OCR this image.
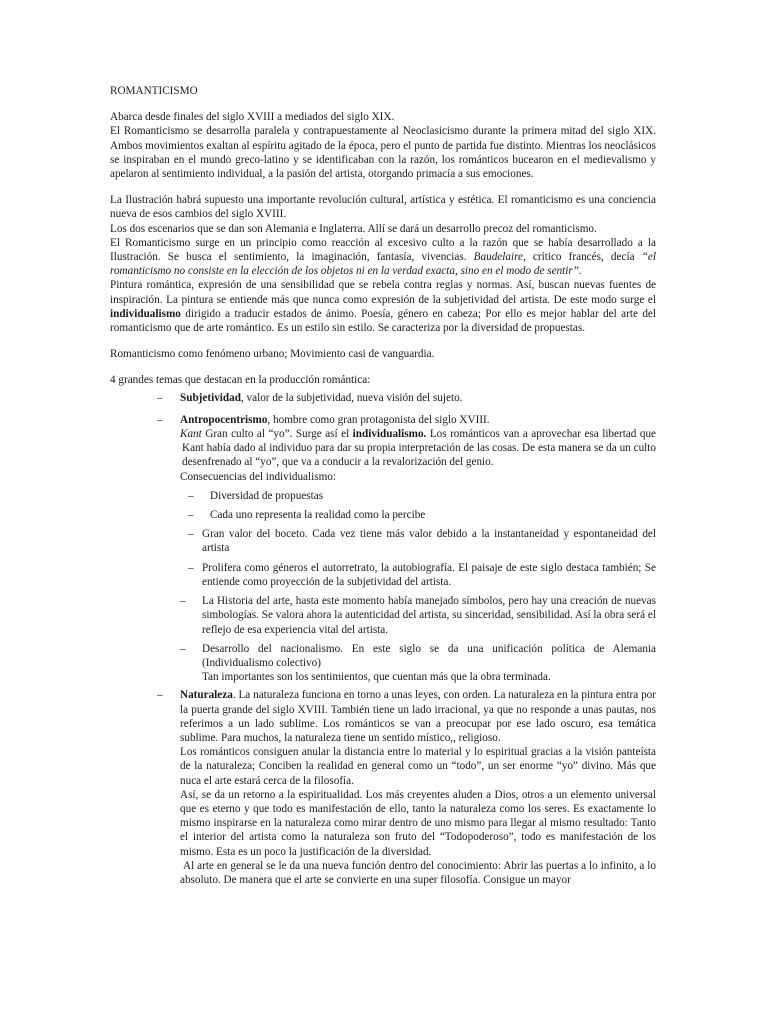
ROMANTICISMO

Abarca desde finales del siglo XVIII a mediados del siglo XIX.

El Romanticismo se desarrolla paralela y contrapuestamente al Neoclasicismo durante la primera mitad del siglo XIX. Ambos movimientos exaltan al espíritu agitado de la época, pero el punto de partida fue distinto. Mientras los neoclásicos se inspiraban en el mundo greco-latino y se identificaban con la razón, los románticos bucearon en el medievalismo y apelaron al sentimiento individual, a la pasión del artista, otorgando primacía a sus emociones.

La Ilustración habrá supuesto una importante revolución cultural, artística y estética. El romanticismo es una conciencia nueva de esos cambios del siglo XVIII.

Los dos escenarios que se dan son Alemania e Inglaterra. Allí se dará un desarrollo precoz del romanticismo.

El Romanticismo surge en un principio como reacción al excesivo culto a la razón que se había desarrollado a la Ilustración. Se busca el sentimiento, la imaginación, fantasía, vivencias. Baudelaire, crítico francés, decía “el romanticismo no consiste en la elección de los objetos ni en la verdad exacta, sino en el modo de sentir”.

Pintura romántica, expresión de una sensibilidad que se rebela contra reglas y normas. Así, buscan nuevas fuentes de inspiración. La pintura se entiende más que nunca como expresión de la subjetividad del artista. De este modo surge el individualismo dirigido a traducir estados de ánimo. Poesía, género en cabeza; Por ello es mejor hablar del arte del romanticismo que de arte romántico. Es un estilo sin estilo. Se caracteriza por la diversidad de propuestas.

Romanticismo como fenómeno urbano; Movimiento casi de vanguardia.

4 grandes temas que destacan en la producción romántica:

– Subjetividad, valor de la subjetividad, nueva visión del sujeto.

– Antropocentrismo, hombre como gran protagonista del siglo XVIII.

Kant Gran culto al “yo”. Surge así el individualismo. Los románticos van a aprovechar esa libertad que Kant había dado al individuo para dar su propia interpretación de las cosas. De esta manera se da un culto desenfrenado al “yo”, que va a conducir a la revalorización del genio.

Consecuencias del individualismo:

– Diversidad de propuestas

– Cada uno representa la realidad como la percibe

– Gran valor del boceto. Cada vez tiene más valor debido a la instantaneidad y espontaneidad del artista

– Prolifera como géneros el autorretrato, la autobiografía. El paisaje de este siglo destaca también; Se entiende como proyección de la subjetividad del artista.

– La Historia del arte, hasta este momento había manejado símbolos, pero hay una creación de nuevas simbologías. Se valora ahora la autenticidad del artista, su sinceridad, sensibilidad. Así la obra será el reflejo de esa experiencia vital del artista.

– Desarrollo del nacionalismo. En este siglo se da una unificación política de Alemania (Individualismo colectivo)

Tan importantes son los sentimientos, que cuentan más que la obra terminada.

– Naturaleza. La naturaleza funciona en torno a unas leyes, con orden. La naturaleza en la pintura entra por la puerta grande del siglo XVIII. También tiene un lado irracional, ya que no responde a unas pautas, nos referimos a un lado sublime. Los románticos se van a preocupar por ese lado oscuro, esa temática sublime. Para muchos, la naturaleza tiene un sentido místico,, religioso.

Los románticos consiguen anular la distancia entre lo material y lo espiritual gracias a la visión panteísta de la naturaleza; Conciben la realidad en general como un “todo”, un ser enorme “yo” divino. Más que nuca el arte estará cerca de la filosofía.

Así, se da un retorno a la espiritualidad. Los más creyentes aluden a Dios, otros a un elemento universal que es eterno y que todo es manifestación de ello, tanto la naturaleza como los seres. Es exactamente lo mismo inspirarse en la naturaleza como mirar dentro de uno mismo para llegar al mismo resultado: Tanto el interior del artista como la naturaleza son fruto del “Todopoderoso”, todo es manifestación de los mismo. Esta es un poco la justificación de la diversidad.

Al arte en general se le da una nueva función dentro del conocimiento: Abrir las puertas a lo infinito, a lo absoluto. De manera que el arte se convierte en una super filosofía. Consigue un mayor
